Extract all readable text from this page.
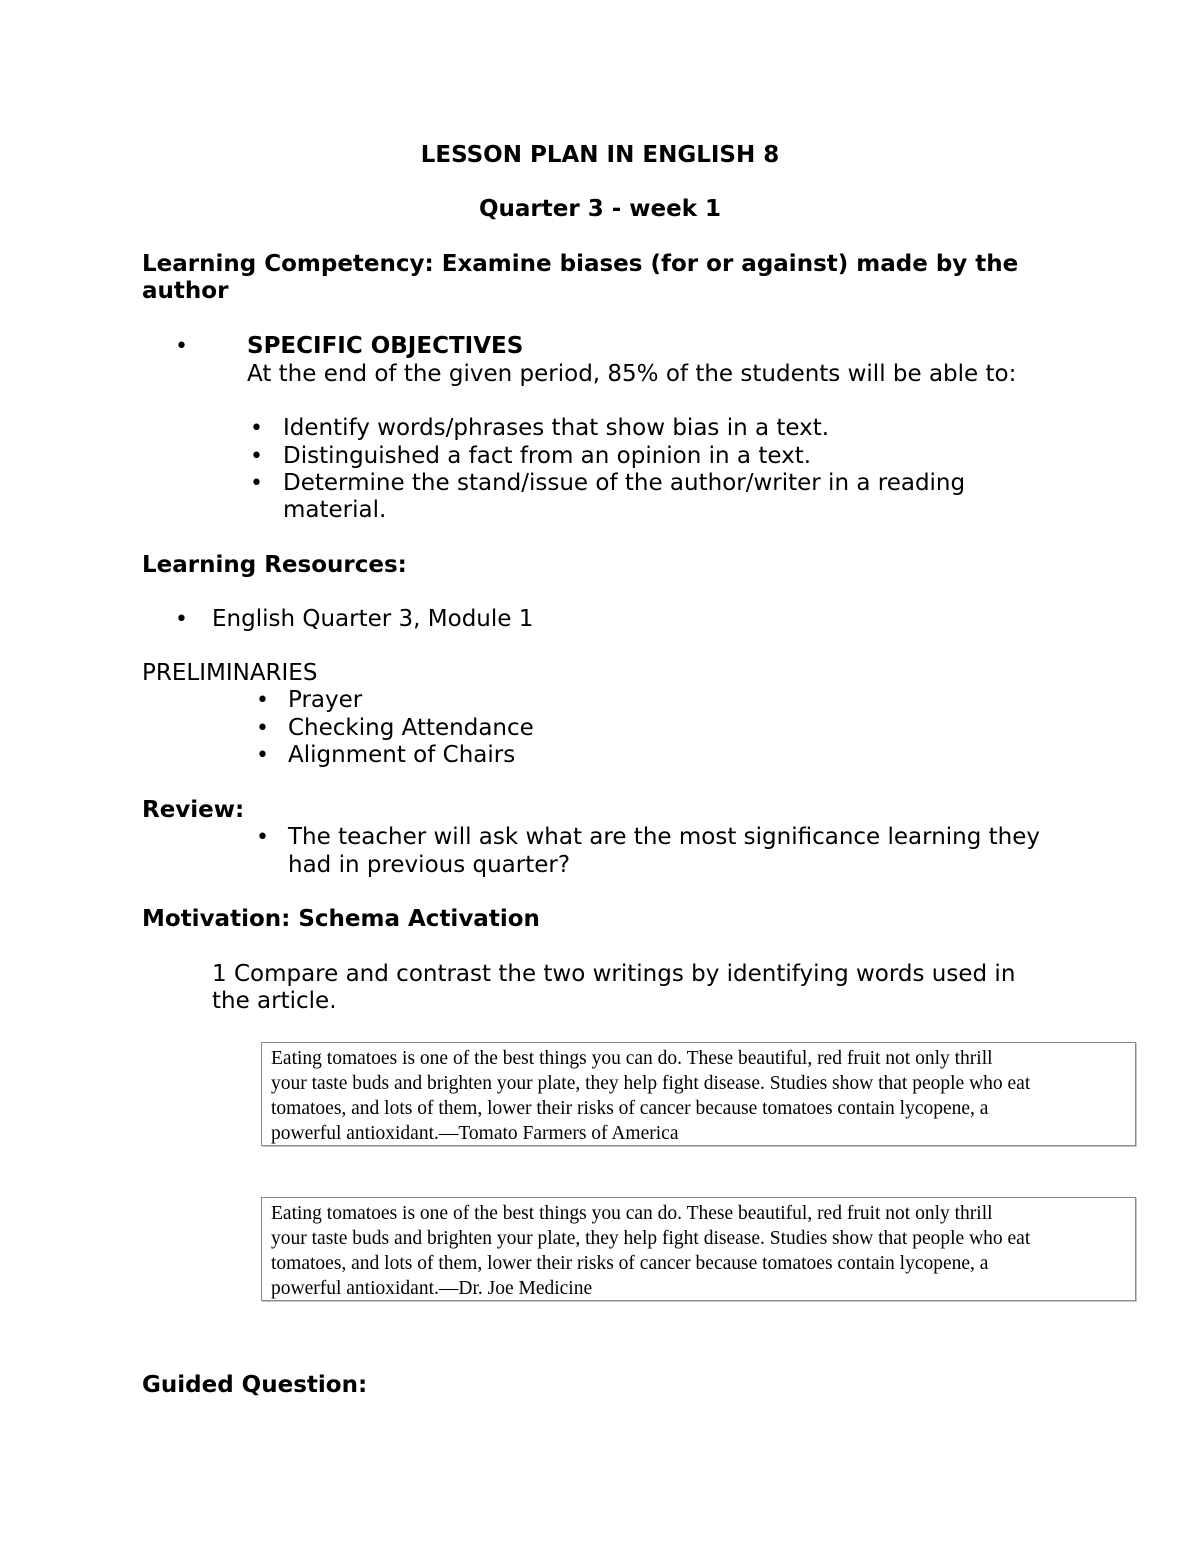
LESSON PLAN IN ENGLISH 8
Quarter 3 - week 1
Learning Competency: Examine biases (for or against) made by the
author
•	SPECIFIC OBJECTIVES
At the end of the given period, 85% of the students will be able to:
• Identify words/phrases that show bias in a text.
• Distinguished a fact from an opinion in a text.
• Determine the stand/issue of the author/writer in a reading
material.
Learning Resources:
• English Quarter 3, Module 1
PRELIMINARIES
• Prayer
• Checking Attendance
• Alignment of Chairs
Review:
• The teacher will ask what are the most significance learning they
had in previous quarter?
Motivation: Schema Activation
1 Compare and contrast the two writings by identifying words used in
the article.
Eating tomatoes is one of the best things you can do. These beautiful, red fruit not only thrill
your taste buds and brighten your plate, they help fight disease. Studies show that people who eat
tomatoes, and lots of them, lower their risks of cancer because tomatoes contain lycopene, a
powerful antioxidant.—Tomato Farmers of America
Eating tomatoes is one of the best things you can do. These beautiful, red fruit not only thrill
your taste buds and brighten your plate, they help fight disease. Studies show that people who eat
tomatoes, and lots of them, lower their risks of cancer because tomatoes contain lycopene, a
powerful antioxidant.—Dr. Joe Medicine
Guided Question:
